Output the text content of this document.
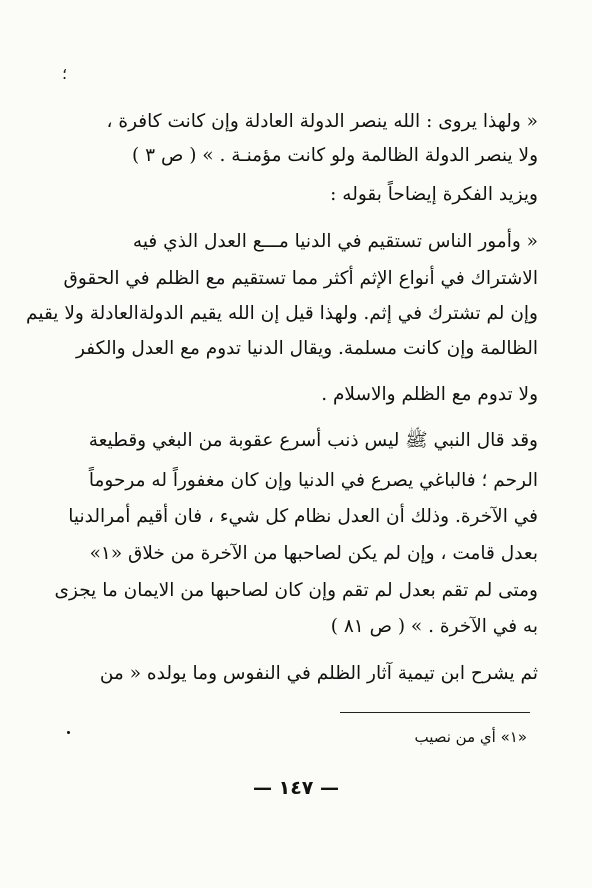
؛
« ولهذا يروى : الله ينصر الدولة العادلة وإن كانت كافرة ،
ولا ينصر الدولة الظالمة ولو كانت مؤمنـة . » ( ص ٣ )
ويزيد الفكرة إيضاحاً بقوله :
« وأمور الناس تستقيم في الدنيا مـــع العدل الذي فيه
الاشتراك في أنواع الإثم أكثر مما تستقيم مع الظلم في الحقوق
وإن لم تشترك في إثم. ولهذا قيل إن الله يقيم الدولةالعادلة ولا يقيم
الظالمة وإن كانت مسلمة. ويقال الدنيا تدوم مع العدل والكفر
ولا تدوم مع الظلم والاسلام .
وقد قال النبي ﷺ ليس ذنب أسرع عقوبة من البغي وقطيعة
الرحم ؛ فالباغي يصرع في الدنيا وإن كان مغفوراً له مرحوماً
في الآخرة. وذلك أن العدل نظام كل شيء ، فان أقيم أمرالدنيا
بعدل قامت ، وإن لم يكن لصاحبها من الآخرة من خلاق «١»
ومتى لم تقم بعدل لم تقم وإن كان لصاحبها من الايمان ما يجزى
به في الآخرة . » ( ص ٨١ )
ثم يشرح ابن تيمية آثار الظلم في النفوس وما يولده « من
«١» أي من نصيب
— ١٤٧ —
